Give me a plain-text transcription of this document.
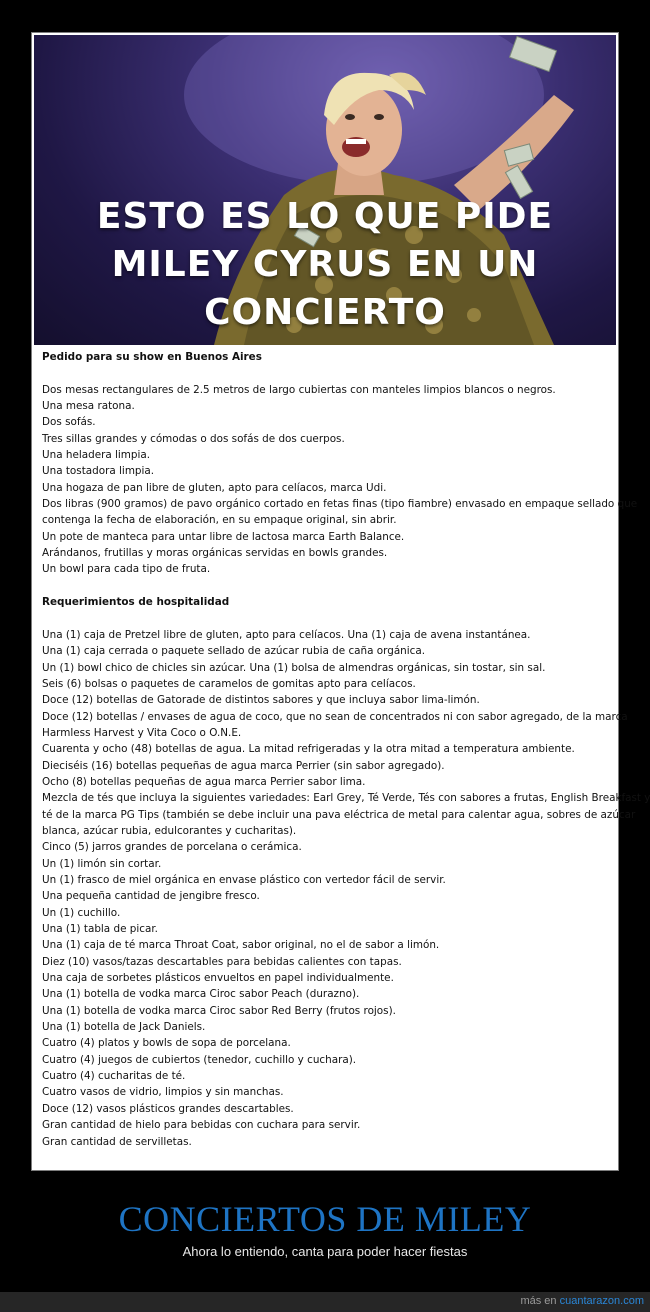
ESTO ES LO QUE PIDE
MILEY CYRUS EN UN
CONCIERTO
Pedido para su show en Buenos Aires
Dos mesas rectangulares de 2.5 metros de largo cubiertas con manteles limpios blancos o negros.
Una mesa ratona.
Dos sofás.
Tres sillas grandes y cómodas o dos sofás de dos cuerpos.
Una heladera limpia.
Una tostadora limpia.
Una hogaza de pan libre de gluten, apto para celíacos, marca Udi.
Dos libras (900 gramos) de pavo orgánico cortado en fetas finas (tipo fiambre) envasado en empaque sellado que
contenga la fecha de elaboración, en su empaque original, sin abrir.
Un pote de manteca para untar libre de lactosa marca Earth Balance.
Arándanos, frutillas y moras orgánicas servidas en bowls grandes.
Un bowl para cada tipo de fruta.
Requerimientos de hospitalidad
Una (1) caja de Pretzel libre de gluten, apto para celíacos. Una (1) caja de avena instantánea.
Una (1) caja cerrada o paquete sellado de azúcar rubia de caña orgánica.
Un (1) bowl chico de chicles sin azúcar. Una (1) bolsa de almendras orgánicas, sin tostar, sin sal.
Seis (6) bolsas o paquetes de caramelos de gomitas apto para celíacos.
Doce (12) botellas de Gatorade de distintos sabores y que incluya sabor lima-limón.
Doce (12) botellas / envases de agua de coco, que no sean de concentrados ni con sabor agregado, de la marca
Harmless Harvest y Vita Coco o O.N.E.
Cuarenta y ocho (48) botellas de agua. La mitad refrigeradas y la otra mitad a temperatura ambiente.
Dieciséis (16) botellas pequeñas de agua marca Perrier (sin sabor agregado).
Ocho (8) botellas pequeñas de agua marca Perrier sabor lima.
Mezcla de tés que incluya la siguientes variedades: Earl Grey, Té Verde, Tés con sabores a frutas, English Breakfast y
té de la marca PG Tips (también se debe incluir una pava eléctrica de metal para calentar agua, sobres de azúcar
blanca, azúcar rubia, edulcorantes y cucharitas).
Cinco (5) jarros grandes de porcelana o cerámica.
Un (1) limón sin cortar.
Un (1) frasco de miel orgánica en envase plástico con vertedor fácil de servir.
Una pequeña cantidad de jengibre fresco.
Un (1) cuchillo.
Una (1) tabla de picar.
Una (1) caja de té marca Throat Coat, sabor original, no el de sabor a limón.
Diez (10) vasos/tazas descartables para bebidas calientes con tapas.
Una caja de sorbetes plásticos envueltos en papel individualmente.
Una (1) botella de vodka marca Ciroc sabor Peach (durazno).
Una (1) botella de vodka marca Ciroc sabor Red Berry (frutos rojos).
Una (1) botella de Jack Daniels.
Cuatro (4) platos y bowls de sopa de porcelana.
Cuatro (4) juegos de cubiertos (tenedor, cuchillo y cuchara).
Cuatro (4) cucharitas de té.
Cuatro vasos de vidrio, limpios y sin manchas.
Doce (12) vasos plásticos grandes descartables.
Gran cantidad de hielo para bebidas con cuchara para servir.
Gran cantidad de servilletas.
CONCIERTOS DE MILEY
Ahora lo entiendo, canta para poder hacer fiestas
más en cuantarazon.com
